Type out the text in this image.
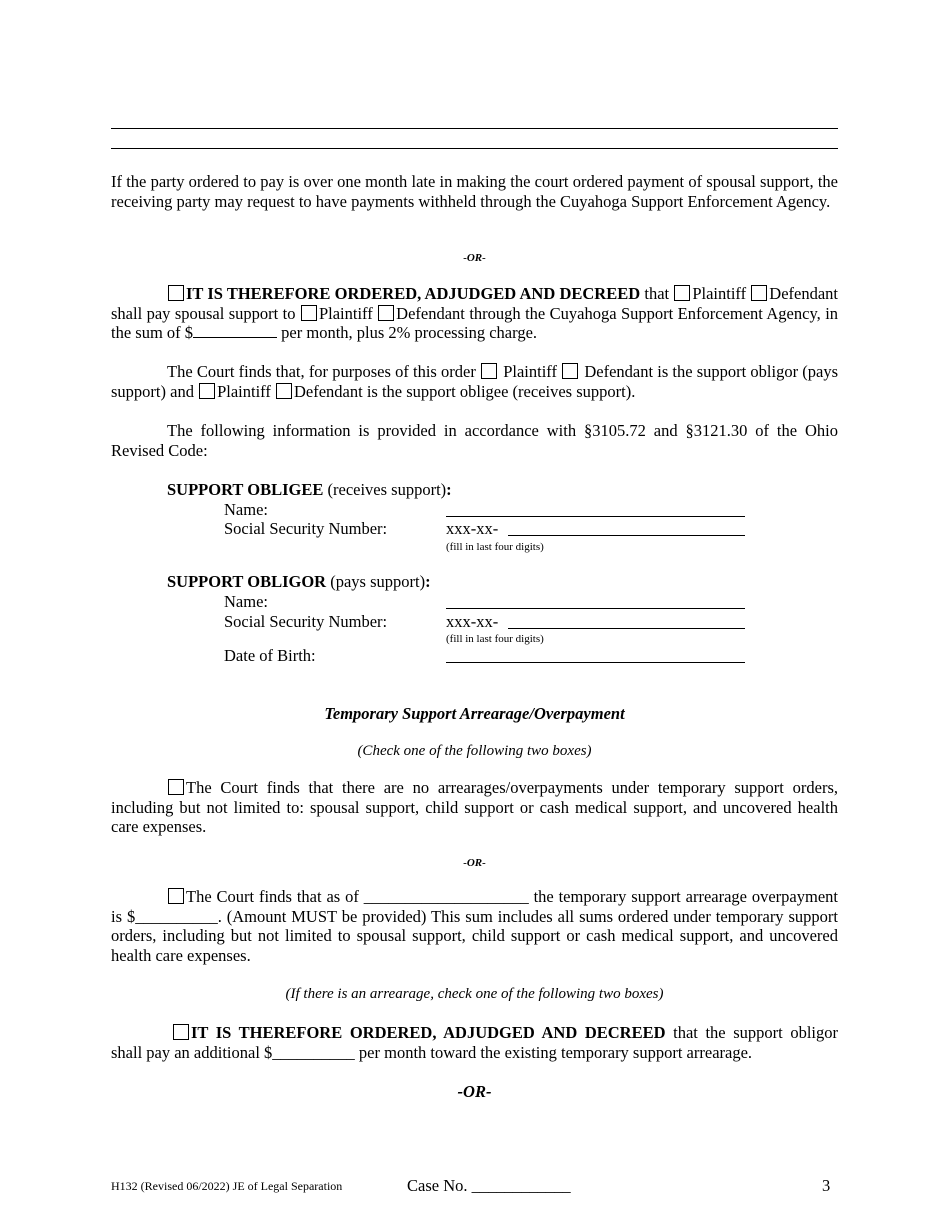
If the party ordered to pay is over one month late in making the court ordered payment of spousal support, the receiving party may request to have payments withheld through the Cuyahoga Support Enforcement Agency.
-OR-
IT IS THEREFORE ORDERED, ADJUDGED AND DECREED that Plaintiff Defendant shall pay spousal support to Plaintiff Defendant through the Cuyahoga Support Enforcement Agency, in the sum of $	per month, plus 2% processing charge.
The Court finds that, for purposes of this order  Plaintiff Defendant is the support obligor (pays support) and Plaintiff Defendant is the support obligee (receives support).
The following information is provided in accordance with §3105.72 and §3121.30 of the Ohio Revised Code:
SUPPORT OBLIGEE (receives support):
Name:
Social Security Number:	xxx-xx-
(fill in last four digits)
SUPPORT OBLIGOR (pays support):
Name:
Social Security Number:	xxx-xx-
(fill in last four digits)
Date of Birth:
Temporary Support Arrearage/Overpayment
(Check one of the following two boxes)
The Court finds that there are no arrearages/overpayments under temporary support orders, including but not limited to: spousal support, child support or cash medical support, and uncovered health care expenses.
-OR-
The Court finds that as of ____________________ the temporary support arrearage overpayment is $__________. (Amount MUST be provided) This sum includes all sums ordered under temporary support orders, including but not limited to spousal support, child support or cash medical support, and uncovered health care expenses.
(If there is an arrearage, check one of the following two boxes)
IT IS THEREFORE ORDERED, ADJUDGED AND DECREED that the support obligor shall pay an additional $__________ per month toward the existing temporary support arrearage.
-OR-
H132 (Revised 06/2022) JE of Legal Separation	Case No. ____________	3
